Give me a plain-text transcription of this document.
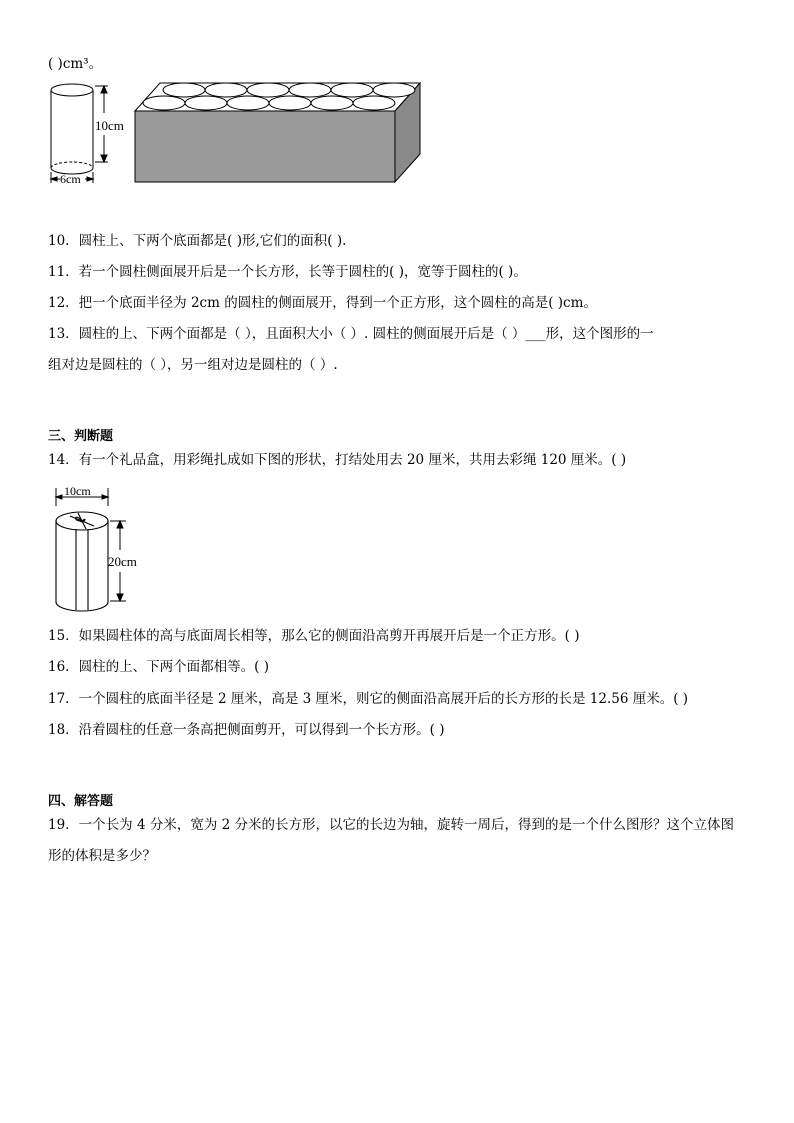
( )cm³。
10cm
6cm
10．圆柱上、下两个底面都是( )形,它们的面积( ).
11．若一个圆柱侧面展开后是一个长方形，长等于圆柱的( )，宽等于圆柱的( )。
12．把一个底面半径为 2cm 的圆柱的侧面展开，得到一个正方形，这个圆柱的高是( )cm。
13．圆柱的上、下两个面都是（ ），且面积大小（ ）. 圆柱的侧面展开后是（ ）___形，这个图形的一
组对边是圆柱的（ ），另一组对边是圆柱的（ ）.
三、判断题
14．有一个礼品盒，用彩绳扎成如下图的形状，打结处用去 20 厘米，共用去彩绳 120 厘米。( )
10cm
20cm
15．如果圆柱体的高与底面周长相等，那么它的侧面沿高剪开再展开后是一个正方形。( )
16．圆柱的上、下两个面都相等。( )
17．一个圆柱的底面半径是 2 厘米，高是 3 厘米，则它的侧面沿高展开后的长方形的长是 12.56 厘米。( )
18．沿着圆柱的任意一条高把侧面剪开，可以得到一个长方形。( )
四、解答题
19．一个长为 4 分米，宽为 2 分米的长方形，以它的长边为轴，旋转一周后，得到的是一个什么图形？这个立体图
形的体积是多少？
